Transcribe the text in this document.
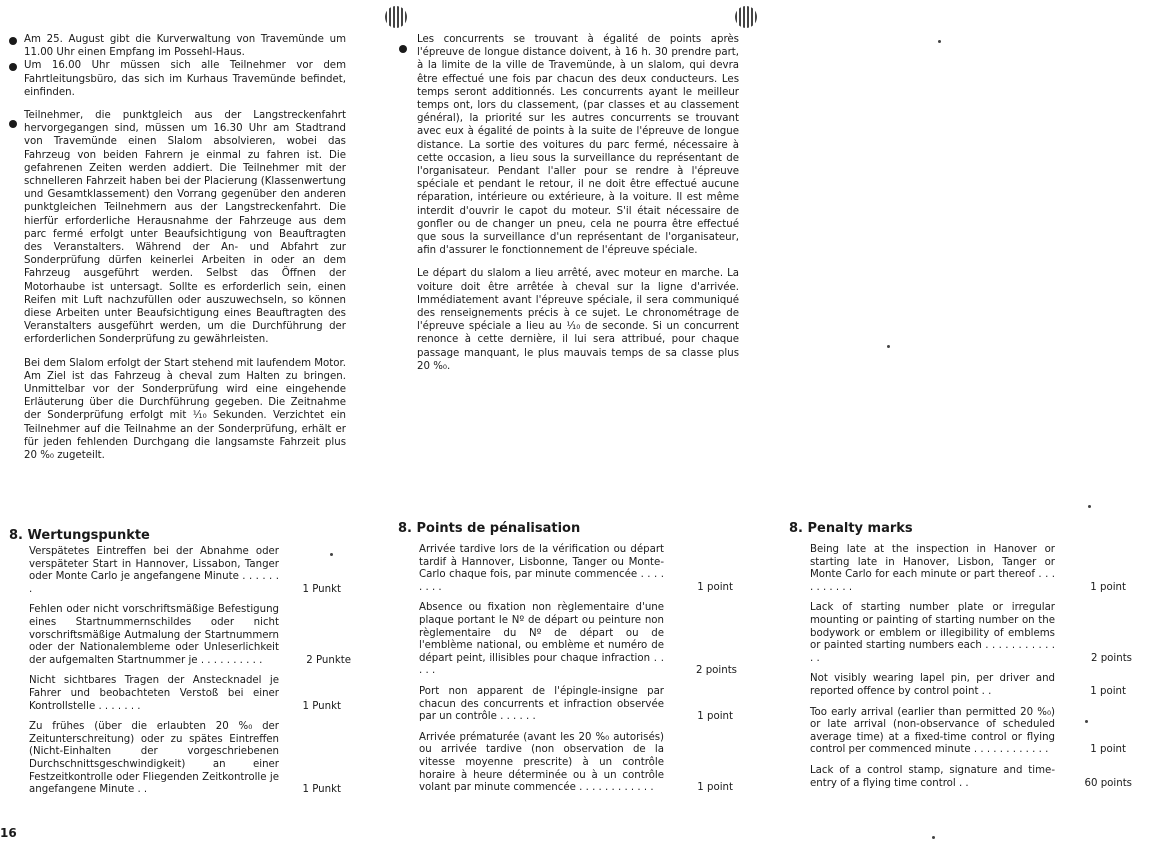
Am 25. August gibt die Kurverwaltung von Travemünde um 11.00 Uhr einen Empfang im Possehl-Haus.

Um 16.00 Uhr müssen sich alle Teilnehmer vor dem Fahrtleitungsbüro, das sich im Kurhaus Travemünde befindet, einfinden.

Teilnehmer, die punktgleich aus der Langstreckenfahrt hervorgegangen sind, müssen um 16.30 Uhr am Stadtrand von Travemünde einen Slalom absolvieren, wobei das Fahrzeug von beiden Fahrern je einmal zu fahren ist. Die gefahrenen Zeiten werden addiert. Die Teilnehmer mit der schnelleren Fahrzeit haben bei der Placierung (Klassenwertung und Gesamtklassement) den Vorrang gegenüber den anderen punktgleichen Teilnehmern aus der Langstreckenfahrt. Die hierfür erforderliche Herausnahme der Fahrzeuge aus dem parc fermé erfolgt unter Beaufsichtigung von Beauftragten des Veranstalters. Während der An- und Abfahrt zur Sonderprüfung dürfen keinerlei Arbeiten in oder an dem Fahrzeug ausgeführt werden. Selbst das Öffnen der Motorhaube ist untersagt. Sollte es erforderlich sein, einen Reifen mit Luft nachzufüllen oder auszuwechseln, so können diese Arbeiten unter Beaufsichtigung eines Beauftragten des Veranstalters ausgeführt werden, um die Durchführung der erforderlichen Sonderprüfung zu gewährleisten.

Bei dem Slalom erfolgt der Start stehend mit laufendem Motor. Am Ziel ist das Fahrzeug à cheval zum Halten zu bringen. Unmittelbar vor der Sonderprüfung wird eine eingehende Erläuterung über die Durchführung gegeben. Die Zeitnahme der Sonderprüfung erfolgt mit ¹⁄₁₀ Sekunden. Verzichtet ein Teilnehmer auf die Teilnahme an der Sonderprüfung, erhält er für jeden fehlenden Durchgang die langsamste Fahrzeit plus 20 %₀ zugeteilt.

Les concurrents se trouvant à égalité de points après l'épreuve de longue distance doivent, à 16 h. 30 prendre part, à la limite de la ville de Travemünde, à un slalom, qui devra être effectué une fois par chacun des deux conducteurs. Les temps seront additionnés. Les concurrents ayant le meilleur temps ont, lors du classement, (par classes et au classement général), la priorité sur les autres concurrents se trouvant avec eux à égalité de points à la suite de l'épreuve de longue distance. La sortie des voitures du parc fermé, nécessaire à cette occasion, a lieu sous la surveillance du représentant de l'organisateur. Pendant l'aller pour se rendre à l'épreuve spéciale et pendant le retour, il ne doit être effectué aucune réparation, intérieure ou extérieure, à la voiture. Il est même interdit d'ouvrir le capot du moteur. S'il était nécessaire de gonfler ou de changer un pneu, cela ne pourra être effectué que sous la surveillance d'un représentant de l'organisateur, afin d'assurer le fonctionnement de l'épreuve spéciale.

Le départ du slalom a lieu arrêté, avec moteur en marche. La voiture doit être arrêtée à cheval sur la ligne d'arrivée. Immédiatement avant l'épreuve spéciale, il sera communiqué des renseignements précis à ce sujet. Le chronométrage de l'épreuve spéciale a lieu au ¹⁄₁₀ de seconde. Si un concurrent renonce à cette dernière, il lui sera attribué, pour chaque passage manquant, le plus mauvais temps de sa classe plus 20 %₀.

8. Wertungspunkte	8. Points de pénalisation	8. Penalty marks
Verspätetes Eintreffen bei der Abnahme oder verspäteter Start in Hannover, Lissabon, Tanger oder Monte Carlo je angefangene Minute . . . . . . .	1 Punkt
Fehlen oder nicht vorschriftsmäßige Befestigung eines Startnummernschildes oder nicht vorschriftsmäßige Autmalung der Startnummern oder der Nationalembleme oder Unleserlichkeit der aufgemalten Startnummer je . . . . . . . . . .	2 Punkte
Nicht sichtbares Tragen der Anstecknadel je Fahrer und beobachteten Verstoß bei einer Kontrollstelle . . . . . . .	1 Punkt
Zu frühes (über die erlaubten 20 %₀ der Zeitunterschreitung) oder zu spätes Eintreffen (Nicht-Einhalten der vorgeschriebenen Durchschnittsgeschwindigkeit) an einer Festzeitkontrolle oder Fliegenden Zeitkontrolle je angefangene Minute . .	1 Punkt
Arrivée tardive lors de la vérification ou départ tardif à Hannover, Lisbonne, Tanger ou Monte-Carlo chaque fois, par minute commencée . . . . . . . .	1 point
Absence ou fixation non règlementaire d'une plaque portant le Nº de départ ou peinture non règlementaire du Nº de départ ou de l'emblème national, ou emblème et numéro de départ peint, illisibles pour chaque infraction . . . . .	2 points
Port non apparent de l'épingle-insigne par chacun des concurrents et infraction observée par un contrôle . . . . . .	1 point
Arrivée prématurée (avant les 20 %₀ autorisés) ou arrivée tardive (non observation de la vitesse moyenne prescrite) à un contrôle horaire à heure déterminée ou à un contrôle volant par minute commencée . . . . . . . . . . . .	1 point
Being late at the inspection in Hanover or starting late in Hanover, Lisbon, Tanger or Monte Carlo for each minute or part thereof . . . . . . . . . .	1 point
Lack of starting number plate or irregular mounting or painting of starting number on the bodywork or emblem or illegibility of emblems or painted starting numbers each . . . . . . . . . . . . .	2 points
Not visibly wearing lapel pin, per driver and reported offence by control point . .	1 point
Too early arrival (earlier than permitted 20 %₀) or late arrival (non-observance of scheduled average time) at a fixed-time control or flying control per commenced minute . . . . . . . . . . . .	1 point
Lack of a control stamp, signature and time-entry of a flying time control . .	60 points
16
